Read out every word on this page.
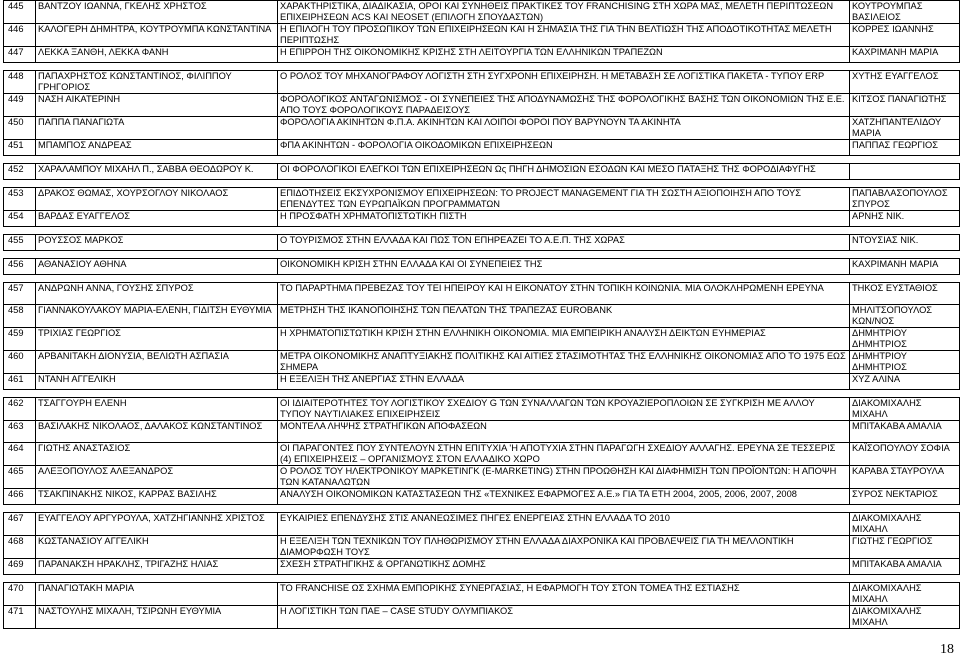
445	ΒΑΝΤΖΟΥ ΙΩΑΝΝΑ, ΓΚΕΛΗΣ ΧΡΗΣΤΟΣ	ΧΑΡΑΚΤΗΡΙΣΤΙΚΑ, ΔΙΑΔΙΚΑΣΙΑ, ΟΡΟΙ ΚΑΙ ΣΥΝΗΘΕΙΣ ΠΡΑΚΤΙΚΕΣ ΤΟΥ FRANCHISING ΣΤΗ ΧΩΡΑ ΜΑΣ, ΜΕΛΕΤΗ ΠΕΡΙΠΤΩΣΕΩΝ ΕΠΙΧΕΙΡΗΣΕΩΝ ACS ΚΑΙ NEOSET (ΕΠΙΛΟΓΗ ΣΠΟΥΔΑΣΤΩΝ)	ΚΟΥΤΡΟΥΜΠΑΣ ΒΑΣΙΛΕΙΟΣ
446	ΚΑΛΟΓΕΡΗ ΔΗΜΗΤΡΑ, ΚΟΥΤΡΟΥΜΠΑ ΚΩΝΣΤΑΝΤΙΝΑ	Η ΕΠΙΛΟΓΗ ΤΟΥ ΠΡΟΣΩΠΙΚΟΥ ΤΩΝ ΕΠΙΧΕΙΡΗΣΕΩΝ ΚΑΙ Η ΣΗΜΑΣΙΑ ΤΗΣ ΓΙΑ ΤΗΝ ΒΕΛΤΙΩΣΗ ΤΗΣ ΑΠΟΔΟΤΙΚΟΤΗΤΑΣ ΜΕΛΕΤΗ ΠΕΡΙΠΤΩΣΗΣ	ΚΟΡΡΕΣ ΙΩΑΝΝΗΣ
447	ΛΕΚΚΑ ΞΑΝΘΗ, ΛΕΚΚΑ ΦΑΝΗ	Η ΕΠΙΡΡΟΗ ΤΗΣ ΟΙΚΟΝΟΜΙΚΗΣ ΚΡΙΣΗΣ ΣΤΗ ΛΕΙΤΟΥΡΓΙΑ ΤΩΝ ΕΛΛΗΝΙΚΩΝ ΤΡΑΠΕΖΩΝ	ΚΑΧΡΙΜΑΝΗ ΜΑΡΙΑ

448	ΠΑΠΑΧΡΗΣΤΟΣ ΚΩΝΣΤΑΝΤΙΝΟΣ, ΦΙΛΙΠΠΟΥ ΓΡΗΓΟΡΙΟΣ	Ο ΡΟΛΟΣ ΤΟΥ ΜΗΧΑΝΟΓΡΑΦΟΥ ΛΟΓΙΣΤΗ ΣΤΗ ΣΥΓΧΡΟΝΗ ΕΠΙΧΕΙΡΗΣΗ. Η ΜΕΤΑΒΑΣΗ ΣΕ ΛΟΓΙΣΤΙΚΑ ΠΑΚΕΤΑ - ΤΥΠΟΥ ERP	ΧΥΤΗΣ ΕΥΑΓΓΕΛΟΣ
449	ΝΑΣΗ ΑΙΚΑΤΕΡΙΝΗ	ΦΟΡΟΛΟΓΙΚΟΣ ΑΝΤΑΓΩΝΙΣΜΟΣ - ΟΙ ΣΥΝΕΠΕΙΕΣ ΤΗΣ ΑΠΟΔΥΝΑΜΩΣΗΣ ΤΗΣ ΦΟΡΟΛΟΓΙΚΗΣ ΒΑΣΗΣ ΤΩΝ ΟΙΚΟΝΟΜΙΩΝ ΤΗΣ Ε.Ε. ΑΠΟ ΤΟΥΣ ΦΟΡΟΛΟΓΙΚΟΥΣ ΠΑΡΑΔΕΙΣΟΥΣ	ΚΙΤΣΟΣ ΠΑΝΑΓΙΩΤΗΣ
450	ΠΑΠΠΑ ΠΑΝΑΓΙΩΤΑ	ΦΟΡΟΛΟΓΙΑ ΑΚΙΝΗΤΩΝ Φ.Π.Α. ΑΚΙΝΗΤΩΝ ΚΑΙ ΛΟΙΠΟΙ ΦΟΡΟΙ ΠΟΥ ΒΑΡΥΝΟΥΝ ΤΑ ΑΚΙΝΗΤΑ	ΧΑΤΖΗΠΑΝΤΕΛΙΔΟΥ ΜΑΡΙΑ
451	ΜΠΑΜΠΟΣ ΑΝΔΡΕΑΣ	ΦΠΑ ΑΚΙΝΗΤΩΝ - ΦΟΡΟΛΟΓΙΑ ΟΙΚΟΔΟΜΙΚΩΝ ΕΠΙΧΕΙΡΗΣΕΩΝ	ΠΑΠΠΑΣ ΓΕΩΡΓΙΟΣ

452	ΧΑΡΑΛΑΜΠΟΥ ΜΙΧΑΗΛ Π., ΣΑΒΒΑ ΘΕΟΔΩΡΟΥ Κ.	ΟΙ ΦΟΡΟΛΟΓΙΚΟΙ ΕΛΕΓΚΟΙ ΤΩΝ ΕΠΙΧΕΙΡΗΣΕΩΝ Ως ΠΗΓΗ ΔΗΜΟΣΙΩΝ ΕΣΟΔΩΝ ΚΑΙ ΜΕΣΟ ΠΑΤΑΞΗΣ ΤΗΣ ΦΟΡΟΔΙΑΦΥΓΗΣ	

453	ΔΡΑΚΟΣ ΘΩΜΑΣ, ΧΟΥΡΣΟΓΛΟΥ ΝΙΚΟΛΑΟΣ	ΕΠΙΔΟΤΗΣΕΙΣ ΕΚΣΥΧΡΟΝΙΣΜΟΥ ΕΠΙΧΕΙΡΗΣΕΩΝ: ΤΟ PROJECT MANAGEMENT ΓΙΑ ΤΗ ΣΩΣΤΗ ΑΞΙΟΠΟΙΗΣΗ ΑΠΟ ΤΟΥΣ ΕΠΕΝΔΥΤΕΣ ΤΩΝ ΕΥΡΩΠΑΪΚΩΝ ΠΡΟΓΡΑΜΜΑΤΩΝ	ΠΑΠΑΒΛΑΣΟΠΟΥΛΟΣ ΣΠΥΡΟΣ
454	ΒΑΡΔΑΣ ΕΥΑΓΓΕΛΟΣ	Η ΠΡΟΣΦΑΤΗ ΧΡΗΜΑΤΟΠΙΣΤΩΤΙΚΗ ΠΙΣΤΗ	ΑΡΝΗΣ ΝΙΚ.

455	ΡΟΥΣΣΟΣ ΜΑΡΚΟΣ	Ο ΤΟΥΡΙΣΜΟΣ ΣΤΗΝ ΕΛΛΑΔΑ ΚΑΙ ΠΩΣ ΤΟΝ ΕΠΗΡΕΑΖΕΙ ΤΟ Α.Ε.Π. ΤΗΣ ΧΩΡΑΣ	ΝΤΟΥΣΙΑΣ ΝΙΚ.

456	ΑΘΑΝΑΣΙΟΥ ΑΘΗΝΑ	ΟΙΚΟΝΟΜΙΚΗ ΚΡΙΣΗ ΣΤΗΝ ΕΛΛΑΔΑ ΚΑΙ ΟΙ ΣΥΝΕΠΕΙΕΣ ΤΗΣ	ΚΑΧΡΙΜΑΝΗ ΜΑΡΙΑ

457	ΑΝΔΡΩΝΗ ΑΝΝΑ, ΓΟΥΣΗΣ ΣΠΥΡΟΣ	ΤΟ ΠΑΡΑΡΤΗΜΑ ΠΡΕΒΕΖΑΣ ΤΟΥ ΤΕΙ ΗΠΕΙΡΟΥ ΚΑΙ Η ΕΙΚΟΝΑΤΟΥ ΣΤΗΝ ΤΟΠΙΚΗ ΚΟΙΝΩΝΙΑ. ΜΙΑ ΟΛΟΚΛΗΡΩΜΕΝΗ ΕΡΕΥΝΑ	ΤΗΚΟΣ ΕΥΣΤΑΘΙΟΣ
458	ΓΙΑΝΝΑΚΟΥΛΑΚΟΥ ΜΑΡΙΑ-ΕΛΕΝΗ, ΓΙΔΙΤΣΗ ΕΥΘΥΜΙΑ	ΜΕΤΡΗΣΗ ΤΗΣ ΙΚΑΝΟΠΟΙΗΣΗΣ ΤΩΝ ΠΕΛΑΤΩΝ ΤΗΣ ΤΡΑΠΕΖΑΣ EUROBANK	ΜΗΛΙΤΣΟΠΟΥΛΟΣ ΚΩΝ/ΝΟΣ
459	ΤΡΙΧΙΑΣ ΓΕΩΡΓΙΟΣ	Η ΧΡΗΜΑΤΟΠΙΣΤΩΤΙΚΗ ΚΡΙΣΗ ΣΤΗΝ ΕΛΛΗΝΙΚΗ ΟΙΚΟΝΟΜΙΑ. ΜΙΑ ΕΜΠΕΙΡΙΚΗ ΑΝΑΛΥΣΗ ΔΕΙΚΤΩΝ ΕΥΗΜΕΡΙΑΣ	ΔΗΜΗΤΡΙΟΥ ΔΗΜΗΤΡΙΟΣ
460	ΑΡΒΑΝΙΤΑΚΗ ΔΙΟΝΥΣΙΑ, ΒΕΛΙΩΤΗ ΑΣΠΑΣΙΑ	ΜΕΤΡΑ ΟΙΚΟΝΟΜΙΚΗΣ ΑΝΑΠΤΥΞΙΑΚΗΣ ΠΟΛΙΤΙΚΗΣ ΚΑΙ ΑΙΤΙΕΣ ΣΤΑΣΙΜΟΤΗΤΑΣ ΤΗΣ ΕΛΛΗΝΙΚΗΣ ΟΙΚΟΝΟΜΙΑΣ ΑΠΟ ΤΟ 1975 ΕΩΣ ΣΗΜΕΡΑ	ΔΗΜΗΤΡΙΟΥ ΔΗΜΗΤΡΙΟΣ
461	ΝΤΑΝΗ ΑΓΓΕΛΙΚΗ	Η ΕΞΕΛΙΞΗ ΤΗΣ ΑΝΕΡΓΙΑΣ ΣΤΗΝ ΕΛΛΑΔΑ	ΧΥΖ ΑΛΙΝΑ

462	ΤΣΑΓΓΟΥΡΗ ΕΛΕΝΗ	ΟΙ ΙΔΙΑΙΤΕΡΟΤΗΤΕΣ ΤΟΥ ΛΟΓΙΣΤΙΚΟΥ ΣΧΕΔΙΟΥ G ΤΩΝ ΣΥΝΑΛΛΑΓΩΝ ΤΩΝ ΚΡΟΥΑΖΙΕΡΟΠΛΟΙΩΝ ΣΕ ΣΥΓΚΡΙΣΗ ΜΕ ΑΛΛΟΥ ΤΥΠΟΥ ΝΑΥΤΙΛΙΑΚΕΣ ΕΠΙΧΕΙΡΗΣΕΙΣ	ΔΙΑΚΟΜΙΧΑΛΗΣ ΜΙΧΑΗΛ
463	ΒΑΣΙΛΑΚΗΣ ΝΙΚΟΛΑΟΣ, ΔΑΛΑΚΟΣ ΚΩΝΣΤΑΝΤΙΝΟΣ	ΜΟΝΤΕΛΑ ΛΗΨΗΣ ΣΤΡΑΤΗΓΙΚΩΝ ΑΠΟΦΑΣΕΩΝ	ΜΠΙΤΑΚΑΒΑ ΑΜΑΛΙΑ
464	ΓΙΩΤΗΣ ΑΝΑΣΤΑΣΙΟΣ	ΟΙ ΠΑΡΑΓΟΝΤΕΣ ΠΟΥ ΣΥΝΤΕΛΟΥΝ ΣΤΗΝ ΕΠΙΤΥΧΙΑ 'Η ΑΠΟΤΥΧΙΑ ΣΤΗΝ ΠΑΡΑΓΩΓΗ ΣΧΕΔΙΟΥ ΑΛΛΑΓΗΣ. ΕΡΕΥΝΑ ΣΕ ΤΕΣΣΕΡΙΣ (4) ΕΠΙΧΕΙΡΗΣΕΙΣ – ΟΡΓΑΝΙΣΜΟΥΣ ΣΤΟΝ ΕΛΛΑΔΙΚΟ ΧΩΡΟ	ΚΑΪΣΟΠΟΥΛΟΥ ΣΟΦΙΑ
465	ΑΛΕΞΟΠΟΥΛΟΣ ΑΛΕΞΑΝΔΡΟΣ	Ο ΡΟΛΟΣ ΤΟΥ ΗΛΕΚΤΡΟΝΙΚΟΥ ΜΑΡΚΕΤΙΝΓΚ (E-MARKETING) ΣΤΗΝ ΠΡΟΩΘΗΣΗ ΚΑΙ ΔΙΑΦΗΜΙΣΗ ΤΩΝ ΠΡΟΪΟΝΤΩΝ: Η ΑΠΟΨΗ ΤΩΝ ΚΑΤΑΝΑΛΩΤΩΝ	ΚΑΡΑΒΑ ΣΤΑΥΡΟΥΛΑ
466	ΤΣΑΚΠΙΝΑΚΗΣ ΝΙΚΟΣ, ΚΑΡΡΑΣ ΒΑΣΙΛΗΣ	ΑΝΑΛΥΣΗ ΟΙΚΟΝΟΜΙΚΩΝ ΚΑΤΑΣΤΑΣΕΩΝ ΤΗΣ «ΤΕΧΝΙΚΕΣ ΕΦΑΡΜΟΓΕΣ Α.Ε.» ΓΙΑ ΤΑ ΕΤΗ 2004, 2005, 2006, 2007, 2008	ΣΥΡΟΣ ΝΕΚΤΑΡΙΟΣ

467	ΕΥΑΓΓΕΛΟΥ ΑΡΓΥΡΟΥΛΑ, ΧΑΤΖΗΓΙΑΝΝΗΣ ΧΡΙΣΤΟΣ	ΕΥΚΑΙΡΙΕΣ ΕΠΕΝΔΥΣΗΣ ΣΤΙΣ ΑΝΑΝΕΩΣΙΜΕΣ ΠΗΓΕΣ ΕΝΕΡΓΕΙΑΣ ΣΤΗΝ ΕΛΛΑΔΑ ΤΟ 2010	ΔΙΑΚΟΜΙΧΑΛΗΣ ΜΙΧΑΗΛ
468	ΚΩΣΤΑΝΑΣΙΟΥ ΑΓΓΕΛΙΚΗ	Η ΕΞΕΛΙΞΗ ΤΩΝ ΤΕΧΝΙΚΩΝ ΤΟΥ ΠΛΗΘΩΡΙΣΜΟΥ ΣΤΗΝ ΕΛΛΑΔΑ ΔΙΑΧΡΟΝΙΚΑ ΚΑΙ ΠΡΟΒΛΕΨΕΙΣ ΓΙΑ ΤΗ ΜΕΛΛΟΝΤΙΚΗ ΔΙΑΜΟΡΦΩΣΗ ΤΟΥΣ	ΓΙΩΤΗΣ ΓΕΩΡΓΙΟΣ
469	ΠΑΡΑΝΑΚΣΗ ΗΡΑΚΛΗΣ, ΤΡΙΓΑΖΗΣ ΗΛΙΑΣ	ΣΧΕΣΗ ΣΤΡΑΤΗΓΙΚΗΣ & ΟΡΓΑΝΩΤΙΚΗΣ ΔΟΜΗΣ	ΜΠΙΤΑΚΑΒΑ ΑΜΑΛΙΑ

470	ΠΑΝΑΓΙΩΤΑΚΗ ΜΑΡΙΑ	ΤΟ FRANCHISE ΩΣ ΣΧΗΜΑ ΕΜΠΟΡΙΚΗΣ ΣΥΝΕΡΓΑΣΙΑΣ, Η ΕΦΑΡΜΟΓΗ ΤΟΥ ΣΤΟΝ ΤΟΜΕΑ ΤΗΣ ΕΣΤΙΑΣΗΣ	ΔΙΑΚΟΜΙΧΑΛΗΣ ΜΙΧΑΗΛ
471	ΝΑΣΤΟΥΛΗΣ ΜΙΧΑΛΗ, ΤΣΙΡΩΝΗ ΕΥΘΥΜΙΑ	Η ΛΟΓΙΣΤΙΚΗ ΤΩΝ ΠΑΕ – CASE STUDY ΟΛΥΜΠΙΑΚΟΣ	ΔΙΑΚΟΜΙΧΑΛΗΣ ΜΙΧΑΗΛ
18
